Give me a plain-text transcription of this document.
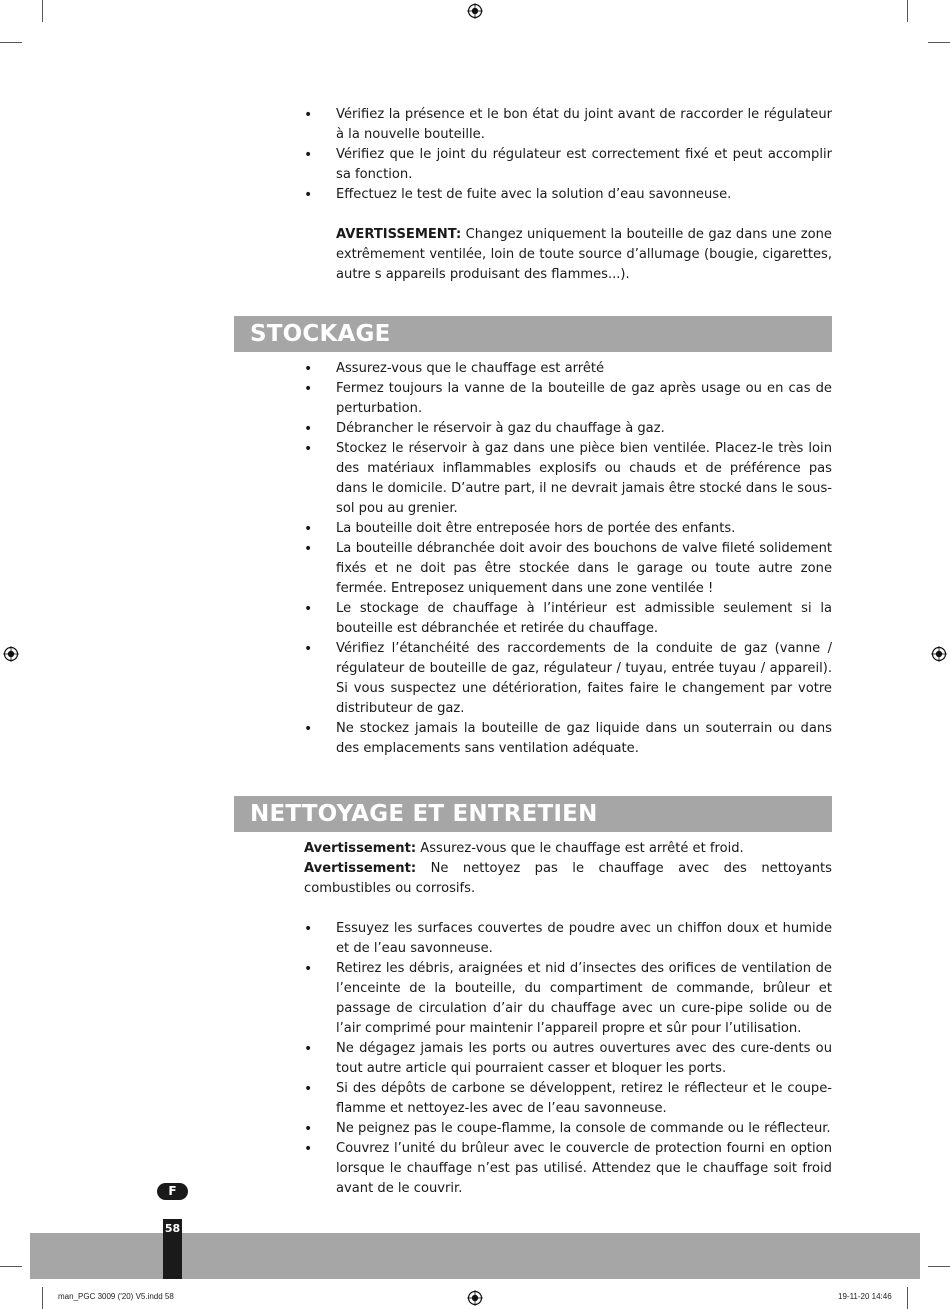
• Vérifiez la présence et le bon état du joint avant de raccorder le régulateur à la nouvelle bouteille.
• Vérifiez que le joint du régulateur est correctement fixé et peut accomplir sa fonction.
• Effectuez le test de fuite avec la solution d’eau savonneuse.

AVERTISSEMENT: Changez uniquement la bouteille de gaz dans une zone extrêmement ventilée, loin de toute source d’allumage (bougie, cigarettes, autre s appareils produisant des flammes...).

STOCKAGE
• Assurez-vous que le chauffage est arrêté
• Fermez toujours la vanne de la bouteille de gaz après usage ou en cas de perturbation.
• Débrancher le réservoir à gaz du chauffage à gaz.
• Stockez le réservoir à gaz dans une pièce bien ventilée. Placez-le très loin des matériaux inflammables explosifs ou chauds et de préférence pas dans le domicile. D’autre part, il ne devrait jamais être stocké dans le sous-sol pou au grenier.
• La bouteille doit être entreposée hors de portée des enfants.
• La bouteille débranchée doit avoir des bouchons de valve fileté solidement fixés et ne doit pas être stockée dans le garage ou toute autre zone fermée. Entreposez uniquement dans une zone ventilée !
• Le stockage de chauffage à l’intérieur est admissible seulement si la bouteille est débranchée et retirée du chauffage.
• Vérifiez l’étanchéité des raccordements de la conduite de gaz (vanne / régulateur de bouteille de gaz, régulateur / tuyau, entrée tuyau / appareil). Si vous suspectez une détérioration, faites faire le changement par votre distributeur de gaz.
• Ne stockez jamais la bouteille de gaz liquide dans un souterrain ou dans des emplacements sans ventilation adéquate.
NETTOYAGE ET ENTRETIEN
Avertissement: Assurez-vous que le chauffage est arrêté et froid.
Avertissement: Ne nettoyez pas le chauffage avec des nettoyants combustibles ou corrosifs.
• Essuyez les surfaces couvertes de poudre avec un chiffon doux et humide et de l’eau savonneuse.
• Retirez les débris, araignées et nid d’insectes des orifices de ventilation de l’enceinte de la bouteille, du compartiment de commande, brûleur et passage de circulation d’air du chauffage avec un cure-pipe solide ou de l’air comprimé pour maintenir l’appareil propre et sûr pour l’utilisation.
• Ne dégagez jamais les ports ou autres ouvertures avec des cure-dents ou tout autre article qui pourraient casser et bloquer les ports.
• Si des dépôts de carbone se développent, retirez le réflecteur et le coupe-flamme et nettoyez-les avec de l’eau savonneuse.
• Ne peignez pas le coupe-flamme, la console de commande ou le réflecteur.
• Couvrez l’unité du brûleur avec le couvercle de protection fourni en option lorsque le chauffage n’est pas utilisé. Attendez que le chauffage soit froid avant de le couvrir.
F
58
man_PGC 3009 ('20) V5.indd 58	19-11-20 14:46
